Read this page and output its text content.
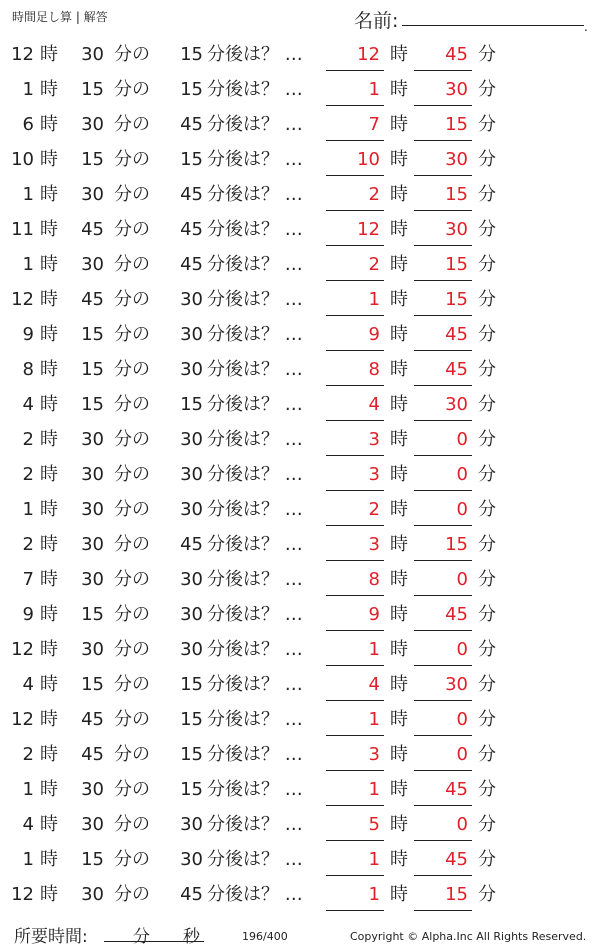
時間足し算 | 解答	名前:	.
12 時	30 分の	15 分後は？ …	12 時	45 分
1 時	15 分の	15 分後は？ …	1 時	30 分
6 時	30 分の	45 分後は？ …	7 時	15 分
10 時	15 分の	15 分後は？ …	10 時	30 分
1 時	30 分の	45 分後は？ …	2 時	15 分
11 時	45 分の	45 分後は？ …	12 時	30 分
1 時	30 分の	45 分後は？ …	2 時	15 分
12 時	45 分の	30 分後は？ …	1 時	15 分
9 時	15 分の	30 分後は？ …	9 時	45 分
8 時	15 分の	30 分後は？ …	8 時	45 分
4 時	15 分の	15 分後は？ …	4 時	30 分
2 時	30 分の	30 分後は？ …	3 時	0 分
2 時	30 分の	30 分後は？ …	3 時	0 分
1 時	30 分の	30 分後は？ …	2 時	0 分
2 時	30 分の	45 分後は？ …	3 時	15 分
7 時	30 分の	30 分後は？ …	8 時	0 分
9 時	15 分の	30 分後は？ …	9 時	45 分
12 時	30 分の	30 分後は？ …	1 時	0 分
4 時	15 分の	15 分後は？ …	4 時	30 分
12 時	45 分の	15 分後は？ …	1 時	0 分
2 時	45 分の	15 分後は？ …	3 時	0 分
1 時	30 分の	15 分後は？ …	1 時	45 分
4 時	30 分の	30 分後は？ …	5 時	0 分
1 時	15 分の	30 分後は？ …	1 時	45 分
12 時	30 分の	45 分後は？ …	1 時	15 分
所要時間:	分 秒	196/400	Copyright © Alpha.Inc All Rights Reserved.
